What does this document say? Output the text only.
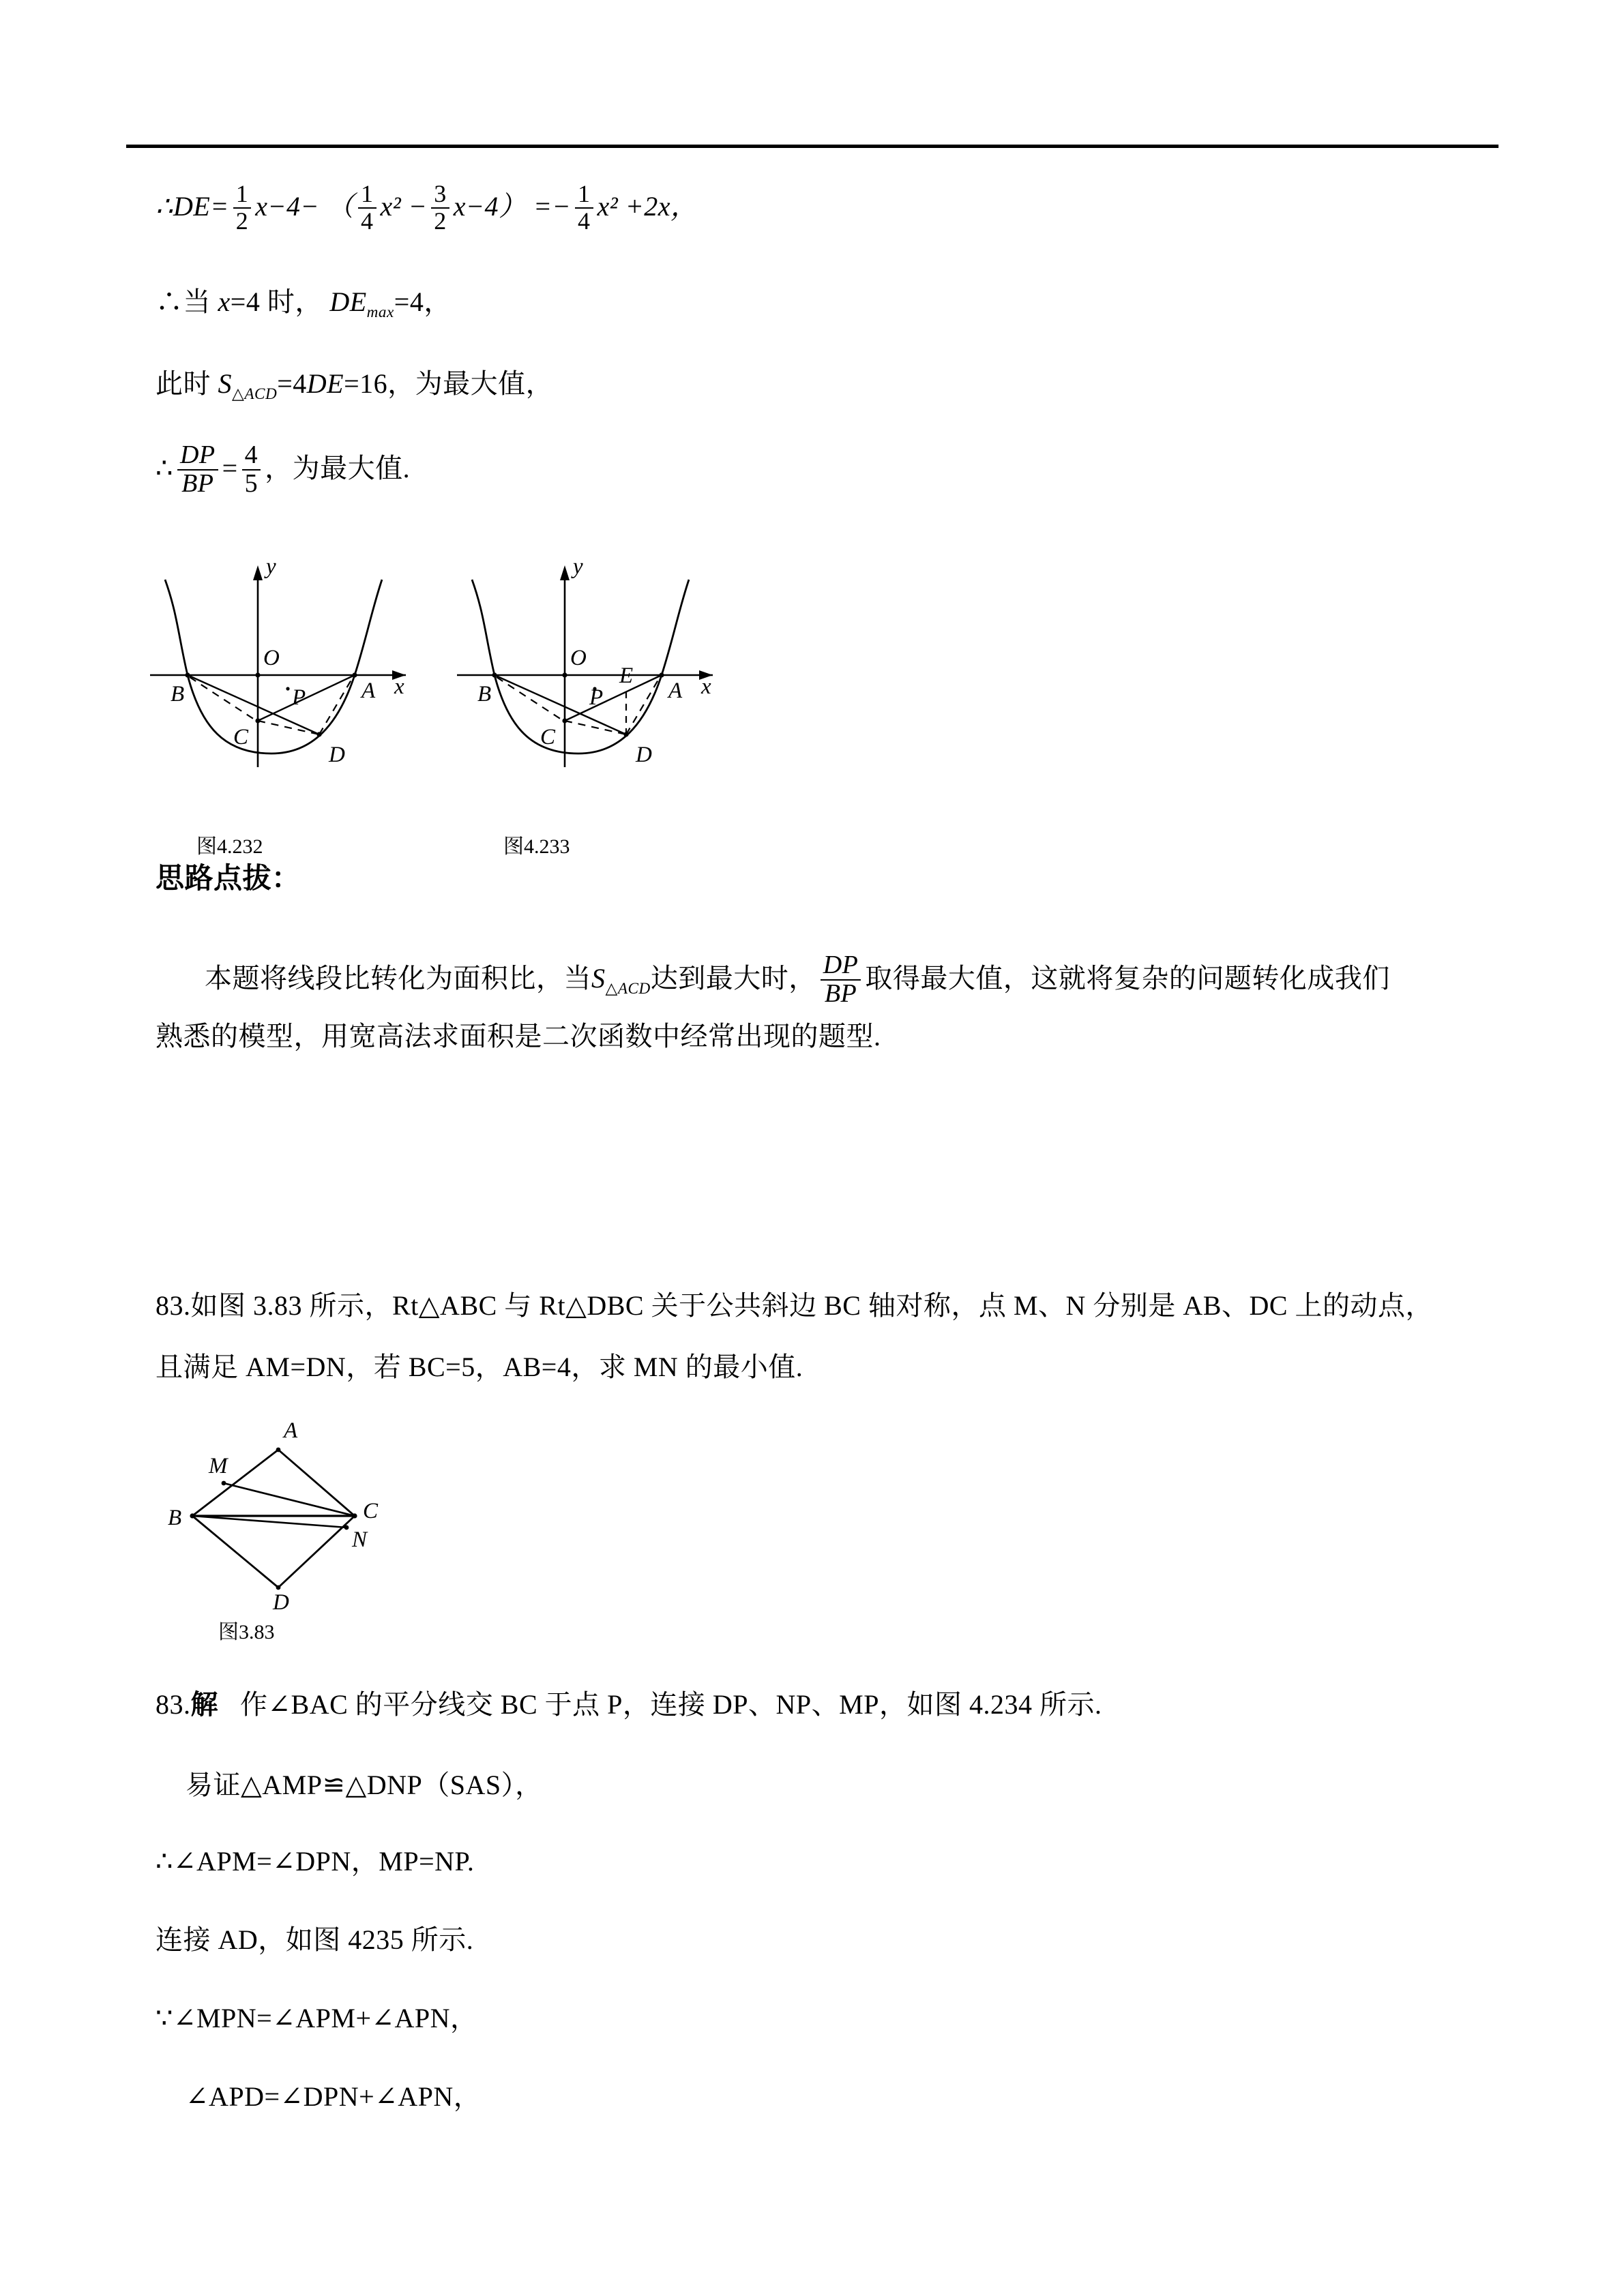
∴DE= $\frac{1}{2} x-4-$ （ $\frac{1}{4} x^2 - \frac{3}{2} x-4) =- \frac{1}{4} x^2 +2x$，
∴当 x=4 时， $DE_{max}=4$，
此时 $S_{\triangle ACD}=4DE=16$，为最大值，
∴ $\frac{DP}{BP} = \frac{4}{5}$ ，为最大值.
O
y
x
B	A
C
P
D
图4.232
O
y
x
B	A
C
P
E
D
图4.233
思路点拔：
本题将线段比转化为面积比，当$S_{\triangle ACD}$达到最大时， $\frac{DP}{BP}$ 取得最大值，这就将复杂的问题转化成我们
熟悉的模型，用宽高法求面积是二次函数中经常出现的题型.
83.如图 3.83 所示，Rt△ABC 与 Rt△DBC 关于公共斜边 BC 轴对称，点 M、N 分别是 AB、DC 上的动点，
且满足 AM=DN，若 BC=5，AB=4，求 MN 的最小值.
A
M
B	C
N
D
图3.83
83.解 作∠BAC 的平分线交 BC 于点 P，连接 DP、NP、MP，如图 4.234 所示.
易证△AMP≌△DNP（SAS），
∴∠APM=∠DPN，MP=NP.
连接 AD，如图 4235 所示.
∵∠MPN=∠APM+∠APN，
∠APD=∠DPN+∠APN，
